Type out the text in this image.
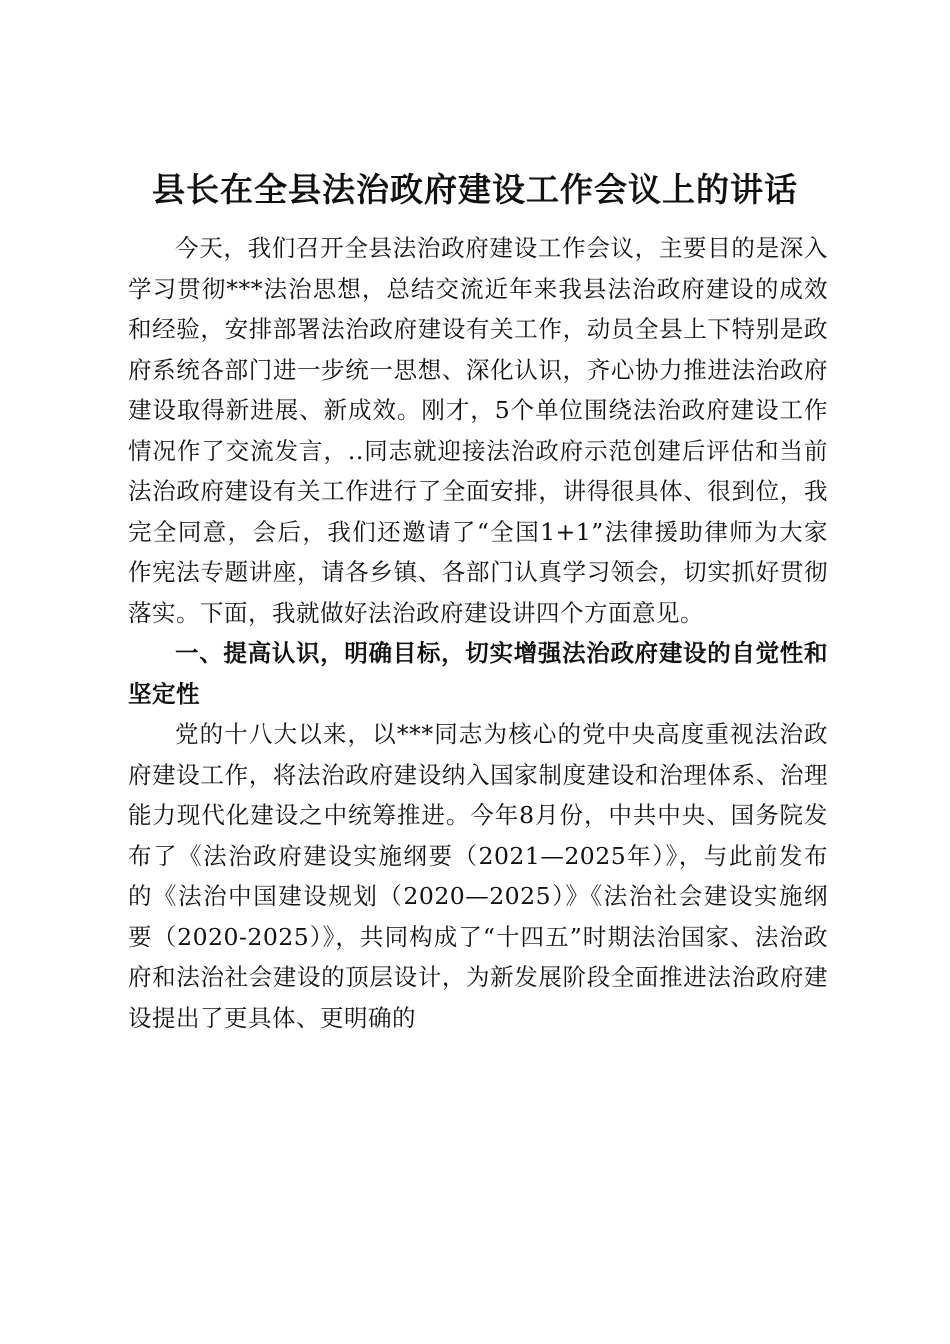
县长在全县法治政府建设工作会议上的讲话

今天，我们召开全县法治政府建设工作会议，主要目的是深入学习贯彻***法治思想，总结交流近年来我县法治政府建设的成效和经验，安排部署法治政府建设有关工作，动员全县上下特别是政府系统各部门进一步统一思想、深化认识，齐心协力推进法治政府建设取得新进展、新成效。刚才，5个单位围绕法治政府建设工作情况作了交流发言，..同志就迎接法治政府示范创建后评估和当前法治政府建设有关工作进行了全面安排，讲得很具体、很到位，我完全同意，会后，我们还邀请了“全国1+1”法律援助律师为大家作宪法专题讲座，请各乡镇、各部门认真学习领会，切实抓好贯彻落实。下面，我就做好法治政府建设讲四个方面意见。

一、提高认识，明确目标，切实增强法治政府建设的自觉性和坚定性

党的十八大以来，以***同志为核心的党中央高度重视法治政府建设工作，将法治政府建设纳入国家制度建设和治理体系、治理能力现代化建设之中统筹推进。今年8月份，中共中央、国务院发布了《法治政府建设实施纲要（2021—2025年）》，与此前发布的《法治中国建设规划（2020—2025）》《法治社会建设实施纲要（2020-2025）》，共同构成了“十四五”时期法治国家、法治政府和法治社会建设的顶层设计，为新发展阶段全面推进法治政府建设提出了更具体、更明确的
